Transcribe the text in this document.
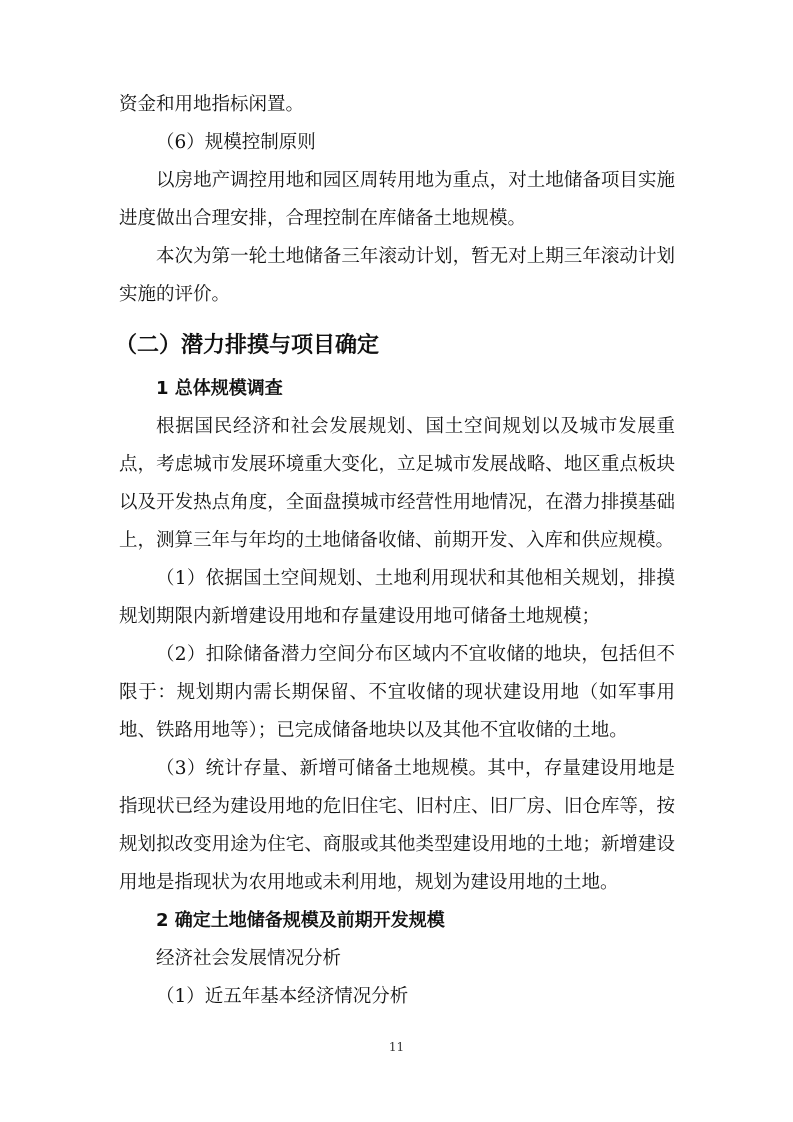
资金和用地指标闲置。

（6）规模控制原则

以房地产调控用地和园区周转用地为重点，对土地储备项目实施进度做出合理安排，合理控制在库储备土地规模。

本次为第一轮土地储备三年滚动计划，暂无对上期三年滚动计划实施的评价。

（二）潜力排摸与项目确定

1 总体规模调查

根据国民经济和社会发展规划、国土空间规划以及城市发展重点，考虑城市发展环境重大变化，立足城市发展战略、地区重点板块以及开发热点角度，全面盘摸城市经营性用地情况，在潜力排摸基础上，测算三年与年均的土地储备收储、前期开发、入库和供应规模。

（1）依据国土空间规划、土地利用现状和其他相关规划，排摸规划期限内新增建设用地和存量建设用地可储备土地规模；

（2）扣除储备潜力空间分布区域内不宜收储的地块，包括但不限于：规划期内需长期保留、不宜收储的现状建设用地（如军事用地、铁路用地等）；已完成储备地块以及其他不宜收储的土地。

（3）统计存量、新增可储备土地规模。其中，存量建设用地是指现状已经为建设用地的危旧住宅、旧村庄、旧厂房、旧仓库等，按规划拟改变用途为住宅、商服或其他类型建设用地的土地；新增建设用地是指现状为农用地或未利用地，规划为建设用地的土地。

2 确定土地储备规模及前期开发规模

经济社会发展情况分析

（1）近五年基本经济情况分析

11
